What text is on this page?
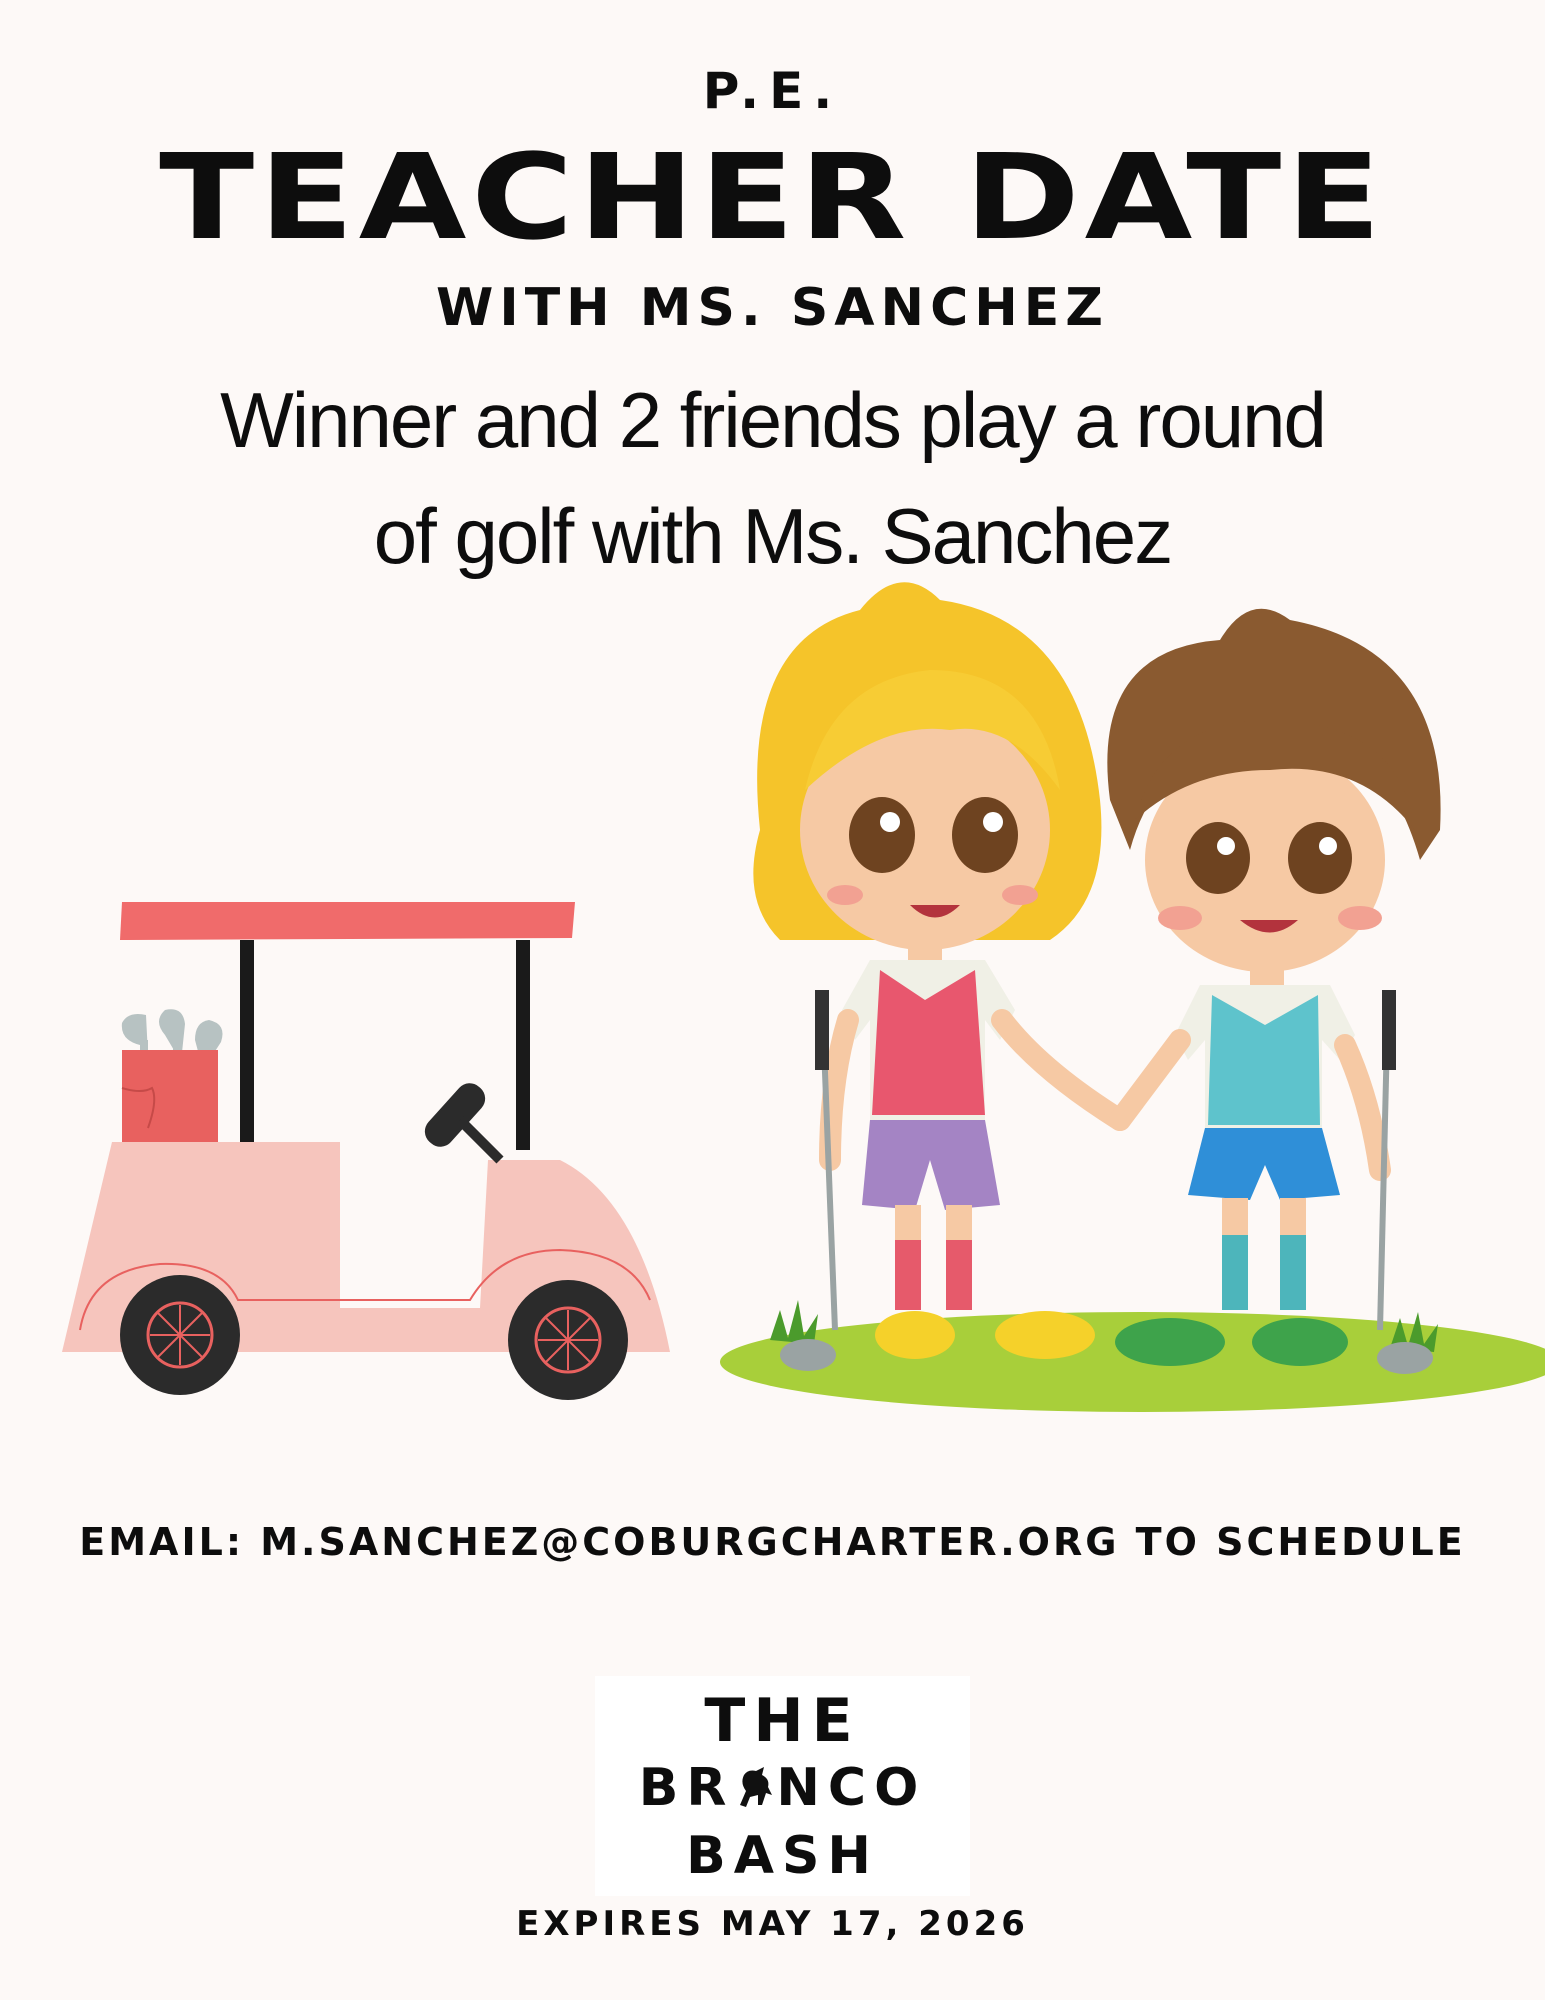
P.E.
TEACHER DATE
WITH MS. SANCHEZ
Winner and 2 friends play a round
of golf with Ms. Sanchez
EMAIL: M.SANCHEZ@COBURGCHARTER.ORG TO SCHEDULE
THE
BR NCO
BASH
EXPIRES MAY 17, 2026
